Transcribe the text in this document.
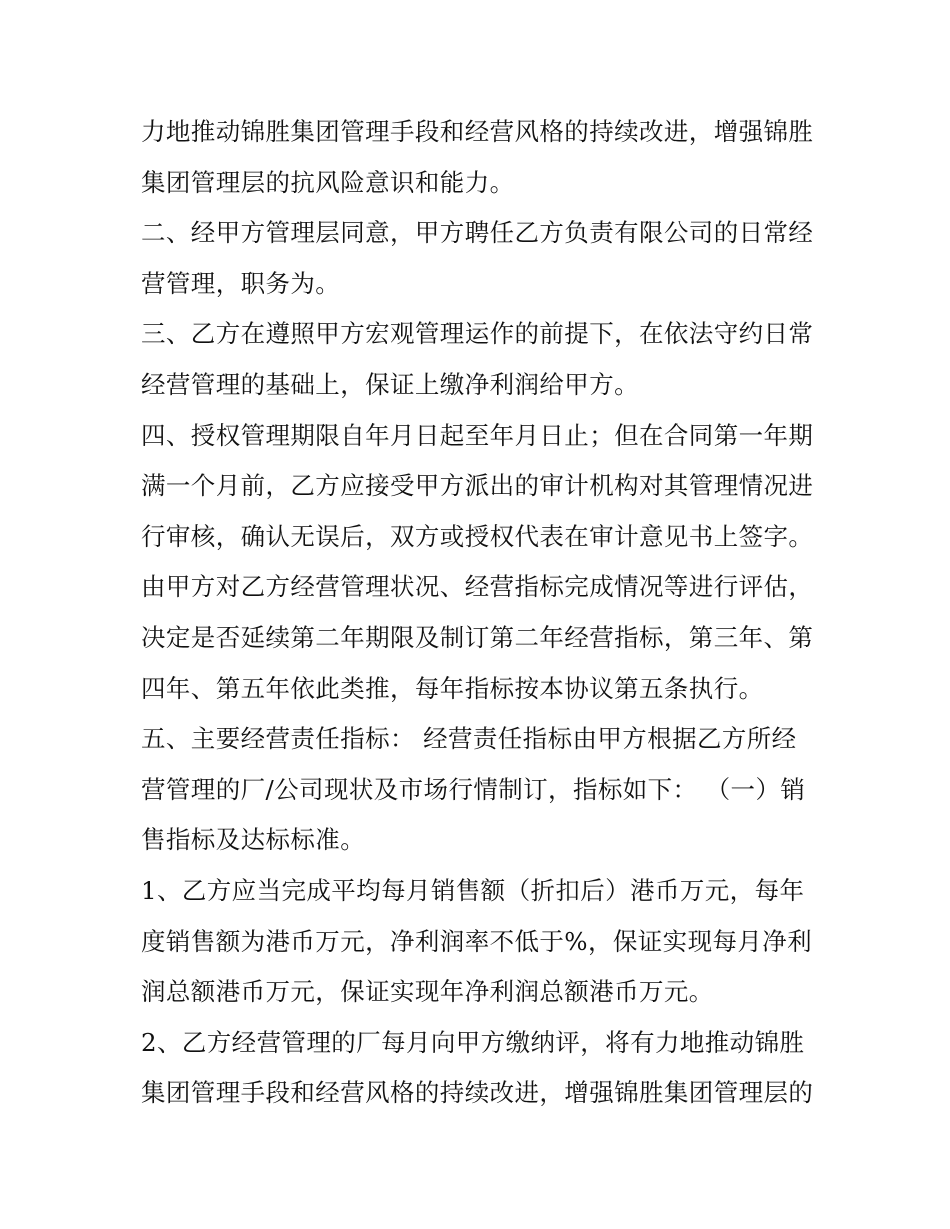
力地推动锦胜集团管理手段和经营风格的持续改进，增强锦胜
集团管理层的抗风险意识和能力。
二、经甲方管理层同意，甲方聘任乙方负责有限公司的日常经
营管理，职务为。
三、乙方在遵照甲方宏观管理运作的前提下，在依法守约日常
经营管理的基础上，保证上缴净利润给甲方。
四、授权管理期限自年月日起至年月日止；但在合同第一年期
满一个月前，乙方应接受甲方派出的审计机构对其管理情况进
行审核，确认无误后，双方或授权代表在审计意见书上签字。
由甲方对乙方经营管理状况、经营指标完成情况等进行评估，
决定是否延续第二年期限及制订第二年经营指标，第三年、第
四年、第五年依此类推，每年指标按本协议第五条执行。
五、主要经营责任指标： 经营责任指标由甲方根据乙方所经
营管理的厂/公司现状及市场行情制订，指标如下： （一）销
售指标及达标标准。
1、乙方应当完成平均每月销售额（折扣后）港币万元，每年
度销售额为港币万元，净利润率不低于%，保证实现每月净利
润总额港币万元，保证实现年净利润总额港币万元。
2、乙方经营管理的厂每月向甲方缴纳评，将有力地推动锦胜
集团管理手段和经营风格的持续改进，增强锦胜集团管理层的
